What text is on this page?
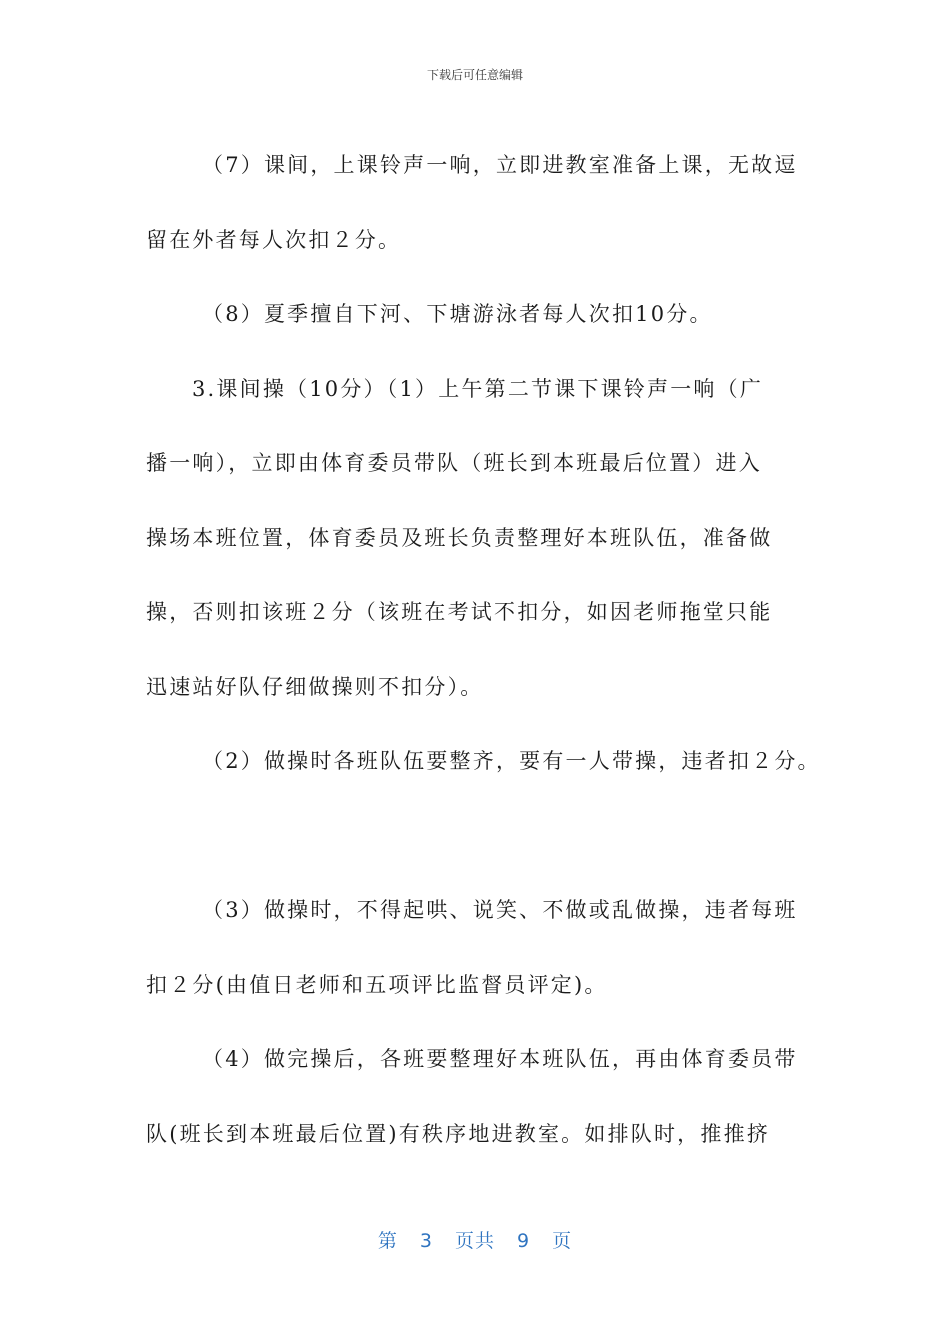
下载后可任意编辑
（7）课间，上课铃声一响，立即进教室准备上课，无故逗
留在外者每人次扣２分。
（8）夏季擅自下河、下塘游泳者每人次扣10分。
3.课间操（10分）（1）上午第二节课下课铃声一响（广
播一响），立即由体育委员带队（班长到本班最后位置）进入
操场本班位置，体育委员及班长负责整理好本班队伍，准备做
操，否则扣该班２分（该班在考试不扣分，如因老师拖堂只能
迅速站好队仔细做操则不扣分）。
（2）做操时各班队伍要整齐，要有一人带操，违者扣２分。
（3）做操时，不得起哄、说笑、不做或乱做操，违者每班
扣２分(由值日老师和五项评比监督员评定)。
（4）做完操后，各班要整理好本班队伍，再由体育委员带
队(班长到本班最后位置)有秩序地进教室。如排队时，推推挤
第 3 页共 9 页
